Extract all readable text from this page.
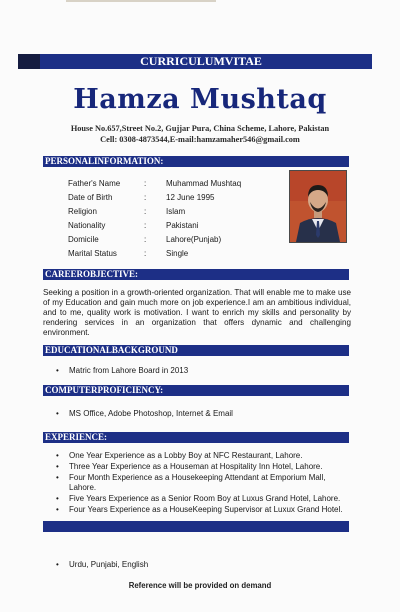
CURRICULUMVITAE
Hamza Mushtaq
House No.657,Street No.2, Gujjar Pura, China Scheme, Lahore, Pakistan
Cell: 0308-4873544,E-mail:hamzamaher546@gmail.com
PERSONALINFORMATION:
Father's Name	: Muhammad Mushtaq
Date of Birth	: 12 June 1995
Religion	: Islam
Nationality	: Pakistani
Domicile	: Lahore(Punjab)
Marital Status	: Single
CAREEROBJECTIVE:
Seeking a position in a growth-oriented organization. That will enable me to make use of my Education and gain much more on job experience.I am an ambitious individual, and to me, quality work is motivation. I want to enrich my skills and personality by rendering services in an organization that offers dynamic and challenging environment.
EDUCATIONALBACKGROUND
• Matric from Lahore Board in 2013
COMPUTERPROFICIENCY:
• MS Office, Adobe Photoshop, Internet & Email
EXPERIENCE:
• One Year Experience as a Lobby Boy at NFC Restaurant, Lahore.
• Three Year Experience as a Houseman at Hospitality Inn Hotel, Lahore.
• Four Month Experience as a Housekeeping Attendant at Emporium Mall,
Lahore.
• Five Years Experience as a Senior Room Boy at Luxus Grand Hotel, Lahore.
• Four Years Experience as a HouseKeeping Supervisor at Luxux Grand Hotel.
• Urdu, Punjabi, English
Reference will be provided on demand
